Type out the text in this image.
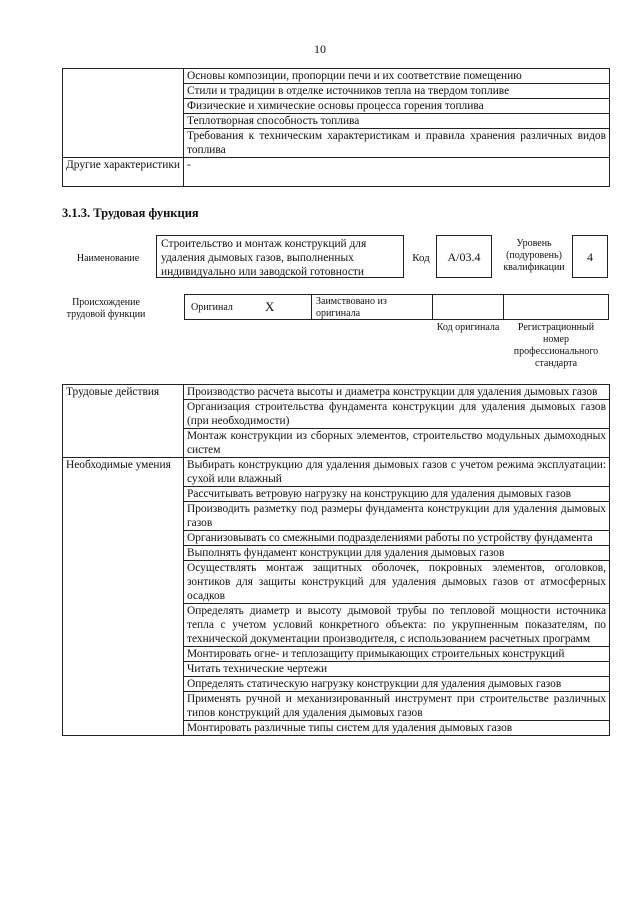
10
	Основы композиции, пропорции печи и их соответствие помещению
	Стили и традиции в отделке источников тепла на твердом топливе
	Физические и химические основы процесса горения топлива
	Теплотворная способность топлива
	Требования к техническим характеристикам и правила хранения различных видов топлива
Другие характеристики	-
3.1.3. Трудовая функция
Наименование
Строительство и монтаж конструкций для удаления дымовых газов, выполненных индивидуально или заводской готовности
Код	A/03.4
Уровень (подуровень) квалификации
4
Происхождение трудовой функции
Оригинал X	Заимствовано из оригинала
Код оригинала	Регистрационный номер профессионального стандарта
Трудовые действия	Производство расчета высоты и диаметра конструкции для удаления дымовых газов
	Организация строительства фундамента конструкции для удаления дымовых газов (при необходимости)
	Монтаж конструкции из сборных элементов, строительство модульных дымоходных систем
Необходимые умения	Выбирать конструкцию для удаления дымовых газов с учетом режима эксплуатации: сухой или влажный
	Рассчитывать ветровую нагрузку на конструкцию для удаления дымовых газов
	Производить разметку под размеры фундамента конструкции для удаления дымовых газов
	Организовывать со смежными подразделениями работы по устройству фундамента
	Выполнять фундамент конструкции для удаления дымовых газов
	Осуществлять монтаж защитных оболочек, покровных элементов, оголовков, зонтиков для защиты конструкций для удаления дымовых газов от атмосферных осадков
	Определять диаметр и высоту дымовой трубы по тепловой мощности источника тепла с учетом условий конкретного объекта: по укрупненным показателям, по технической документации производителя, с использованием расчетных программ
	Монтировать огне- и теплозащиту примыкающих строительных конструкций
	Читать технические чертежи
	Определять статическую нагрузку конструкции для удаления дымовых газов
	Применять ручной и механизированный инструмент при строительстве различных типов конструкций для удаления дымовых газов
	Монтировать различные типы систем для удаления дымовых газов
